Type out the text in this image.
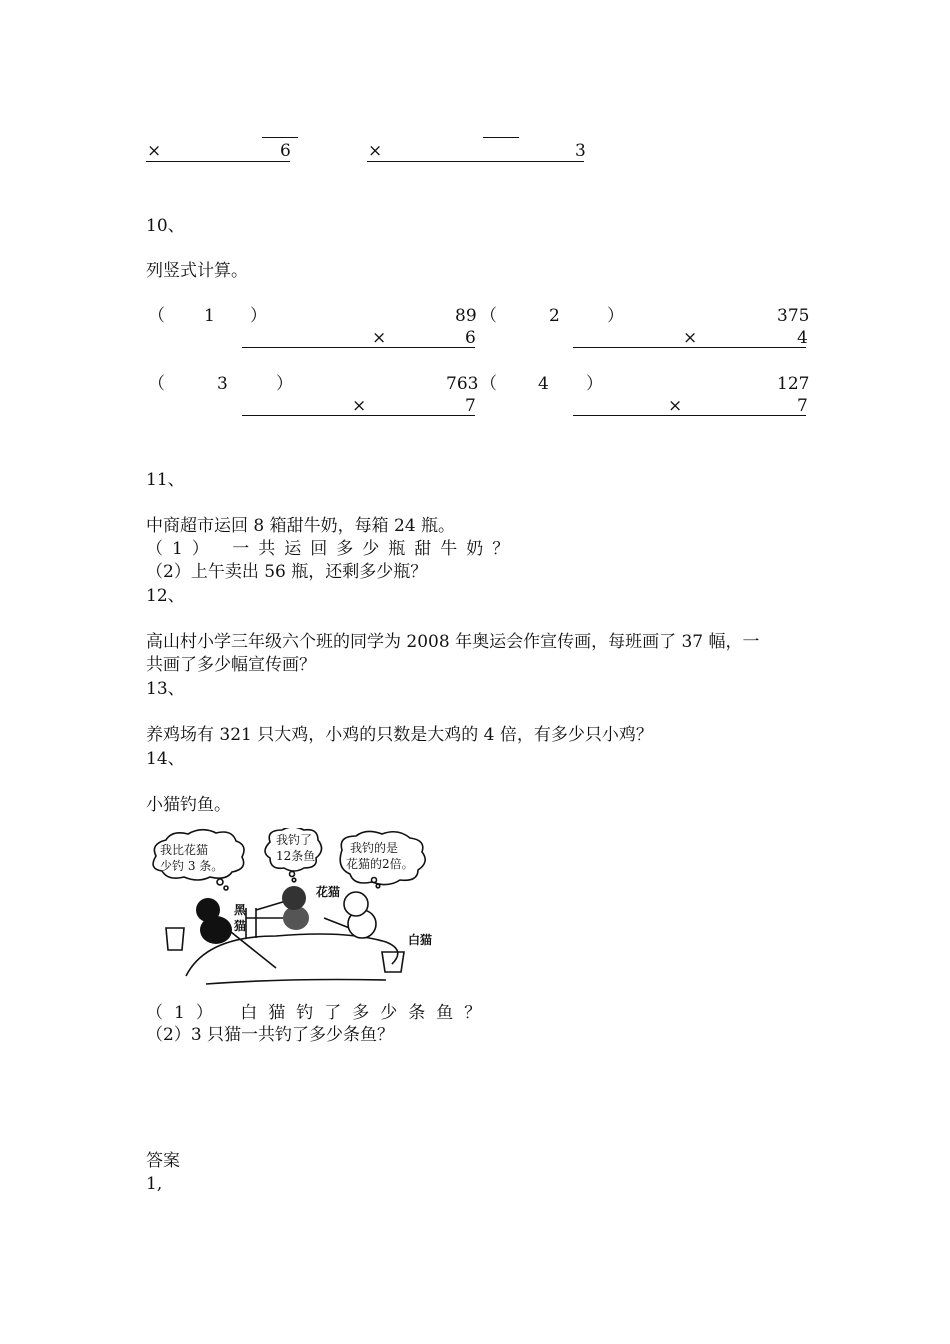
×	6	×	3
10、
列竖式计算。
（ 1 ）	89
×	6
（	2	）	375
×	4
（	3	）	763
×	7
（ 4 ）	127
×	7
11、
中商超市运回 8 箱甜牛奶，每箱 24 瓶。
（1） 一共运回多少瓶甜牛奶？
（2）上午卖出 56 瓶，还剩多少瓶？
12、
高山村小学三年级六个班的同学为 2008 年奥运会作宣传画，每班画了 37 幅，一
共画了多少幅宣传画？
13、
养鸡场有 321 只大鸡，小鸡的只数是大鸡的 4 倍，有多少只小鸡？
14、
小猫钓鱼。
我比花猫
少钓 3 条。
我钓了
12条鱼
我钓的是
花猫的2倍。
黑
猫
花猫
白猫
（1） 白猫钓了多少条鱼？
（2）3 只猫一共钓了多少条鱼？
答案
1,
